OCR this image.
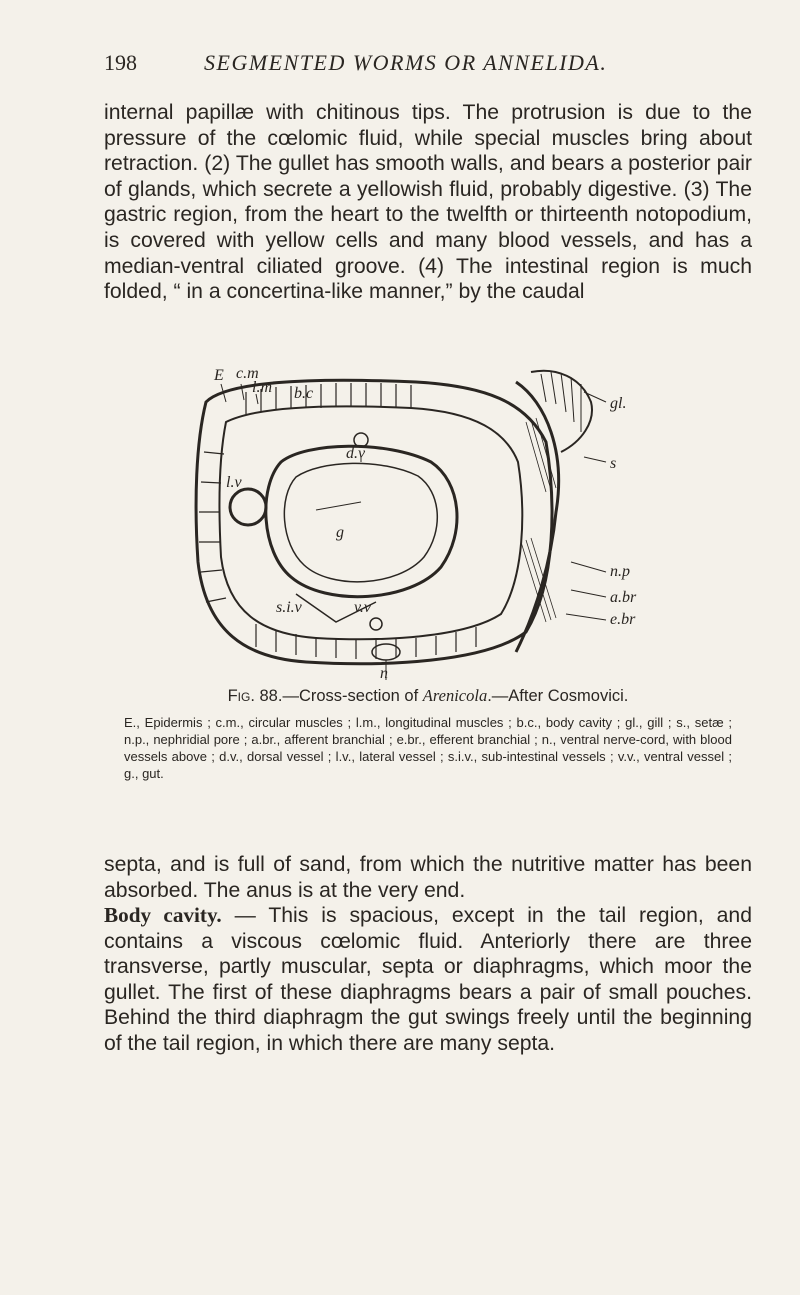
198	SEGMENTED WORMS OR ANNELIDA.

internal papillæ with chitinous tips. The protrusion is due to the pressure of the cœlomic fluid, while special muscles bring about retraction. (2) The gullet has smooth walls, and bears a posterior pair of glands, which secrete a yellowish fluid, probably digestive. (3) The gastric region, from the heart to the twelfth or thirteenth notopodium, is covered with yellow cells and many blood vessels, and has a median-ventral ciliated groove. (4) The intestinal region is much folded, “ in a concertina-like manner,” by the caudal

E c.m
l.m b.c
gl.
s
d.v
l.v
g
s.i.v	v.v
n.p
a.br
e.br
n
Fig. 88.—Cross-section of Arenicola.—After Cosmovici.

E., Epidermis ; c.m., circular muscles ; l.m., longitudinal muscles ; b.c., body cavity ; gl., gill ; s., setæ ; n.p., nephridial pore ; a.br., afferent branchial ; e.br., efferent branchial ; n., ventral nerve-cord, with blood vessels above ; d.v., dorsal vessel ; l.v., lateral vessel ; s.i.v., sub-intestinal vessels ; v.v., ventral vessel ; g., gut.

septa, and is full of sand, from which the nutritive matter has been absorbed. The anus is at the very end.

Body cavity. — This is spacious, except in the tail region, and contains a viscous cœlomic fluid. Anteriorly there are three transverse, partly muscular, septa or diaphragms, which moor the gullet. The first of these diaphragms bears a pair of small pouches. Behind the third diaphragm the gut swings freely until the beginning of the tail region, in which there are many septa.
